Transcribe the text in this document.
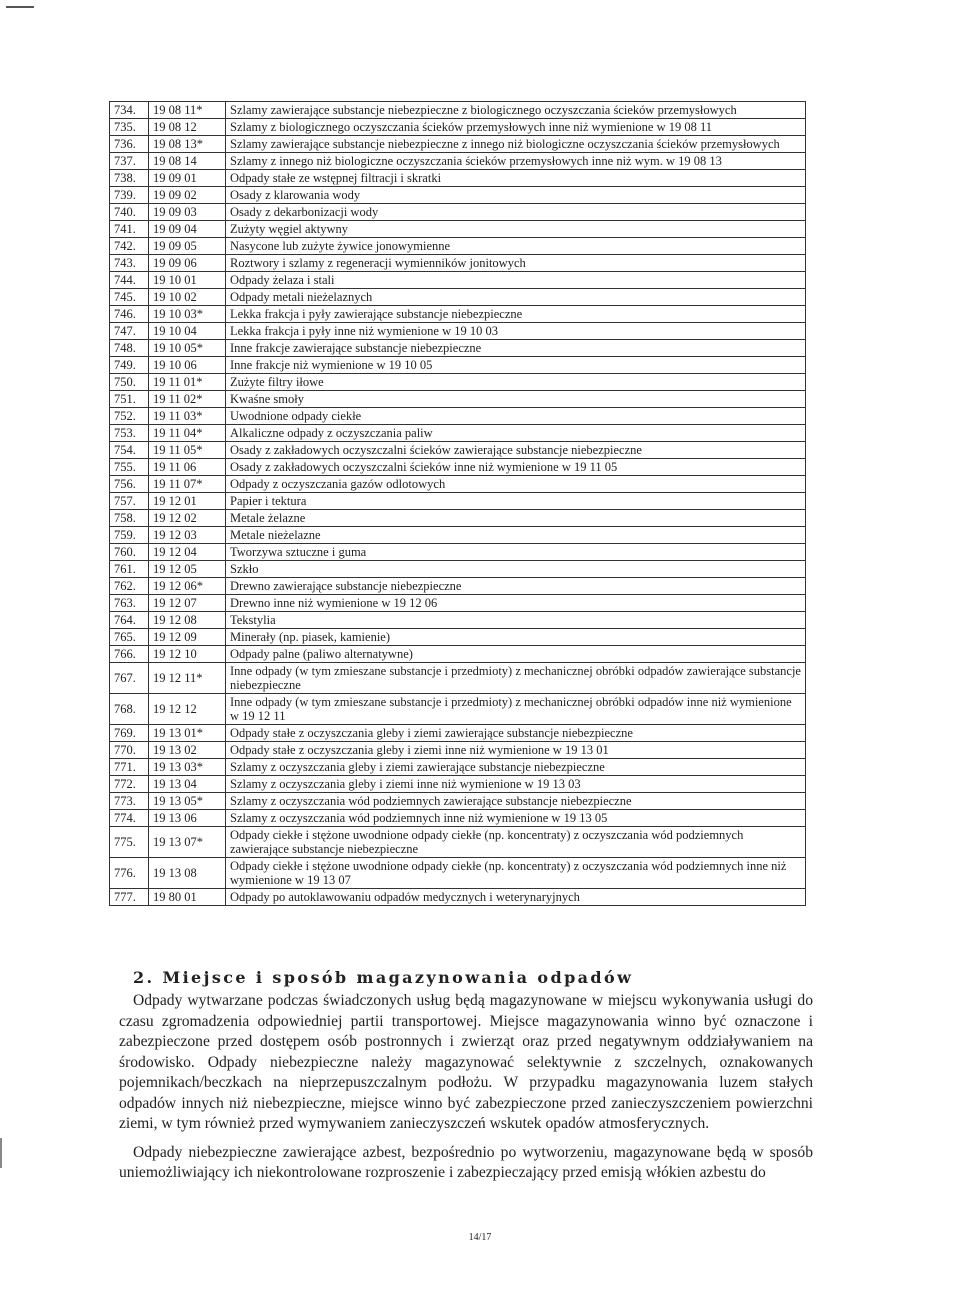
734.	19 08 11*	Szlamy zawierające substancje niebezpieczne z biologicznego oczyszczania ścieków przemysłowych
735.	19 08 12	Szlamy z biologicznego oczyszczania ścieków przemysłowych inne niż wymienione w 19 08 11
736.	19 08 13*	Szlamy zawierające substancje niebezpieczne z innego niż biologiczne oczyszczania ścieków przemysłowych
737.	19 08 14	Szlamy z innego niż biologiczne oczyszczania ścieków przemysłowych inne niż wym. w 19 08 13
738.	19 09 01	Odpady stałe ze wstępnej filtracji i skratki
739.	19 09 02	Osady z klarowania wody
740.	19 09 03	Osady z dekarbonizacji wody
741.	19 09 04	Zużyty węgiel aktywny
742.	19 09 05	Nasycone lub zużyte żywice jonowymienne
743.	19 09 06	Roztwory i szlamy z regeneracji wymienników jonitowych
744.	19 10 01	Odpady żelaza i stali
745.	19 10 02	Odpady metali nieżelaznych
746.	19 10 03*	Lekka frakcja i pyły zawierające substancje niebezpieczne
747.	19 10 04	Lekka frakcja i pyły inne niż wymienione w 19 10 03
748.	19 10 05*	Inne frakcje zawierające substancje niebezpieczne
749.	19 10 06	Inne frakcje niż wymienione w 19 10 05
750.	19 11 01*	Zużyte filtry iłowe
751.	19 11 02*	Kwaśne smoły
752.	19 11 03*	Uwodnione odpady ciekłe
753.	19 11 04*	Alkaliczne odpady z oczyszczania paliw
754.	19 11 05*	Osady z zakładowych oczyszczalni ścieków zawierające substancje niebezpieczne
755.	19 11 06	Osady z zakładowych oczyszczalni ścieków inne niż wymienione w 19 11 05
756.	19 11 07*	Odpady z oczyszczania gazów odlotowych
757.	19 12 01	Papier i tektura
758.	19 12 02	Metale żelazne
759.	19 12 03	Metale nieżelazne
760.	19 12 04	Tworzywa sztuczne i guma
761.	19 12 05	Szkło
762.	19 12 06*	Drewno zawierające substancje niebezpieczne
763.	19 12 07	Drewno inne niż wymienione w 19 12 06
764.	19 12 08	Tekstylia
765.	19 12 09	Minerały (np. piasek, kamienie)
766.	19 12 10	Odpady palne (paliwo alternatywne)
767.	19 12 11*	Inne odpady (w tym zmieszane substancje i przedmioty) z mechanicznej obróbki odpadów zawierające substancje niebezpieczne
768.	19 12 12	Inne odpady (w tym zmieszane substancje i przedmioty) z mechanicznej obróbki odpadów inne niż wymienione w 19 12 11
769.	19 13 01*	Odpady stałe z oczyszczania gleby i ziemi zawierające substancje niebezpieczne
770.	19 13 02	Odpady stałe z oczyszczania gleby i ziemi inne niż wymienione w 19 13 01
771.	19 13 03*	Szlamy z oczyszczania gleby i ziemi zawierające substancje niebezpieczne
772.	19 13 04	Szlamy z oczyszczania gleby i ziemi inne niż wymienione w 19 13 03
773.	19 13 05*	Szlamy z oczyszczania wód podziemnych zawierające substancje niebezpieczne
774.	19 13 06	Szlamy z oczyszczania wód podziemnych inne niż wymienione w 19 13 05
775.	19 13 07*	Odpady ciekłe i stężone uwodnione odpady ciekłe (np. koncentraty) z oczyszczania wód podziemnych zawierające substancje niebezpieczne
776.	19 13 08	Odpady ciekłe i stężone uwodnione odpady ciekłe (np. koncentraty) z oczyszczania wód podziemnych inne niż wymienione w 19 13 07
777.	19 80 01	Odpady po autoklawowaniu odpadów medycznych i weterynaryjnych
2. Miejsce i sposób magazynowania odpadów

Odpady wytwarzane podczas świadczonych usług będą magazynowane w miejscu wykonywania usługi do czasu zgromadzenia odpowiedniej partii transportowej. Miejsce magazynowania winno być oznaczone i zabezpieczone przed dostępem osób postronnych i zwierząt oraz przed negatywnym oddziaływaniem na środowisko. Odpady niebezpieczne należy magazynować selektywnie z szczelnych, oznakowanych pojemnikach/beczkach na nieprzepuszczalnym podłożu. W przypadku magazynowania luzem stałych odpadów innych niż niebezpieczne, miejsce winno być zabezpieczone przed zanieczyszczeniem powierzchni ziemi, w tym również przed wymywaniem zanieczyszczeń wskutek opadów atmosferycznych.

Odpady niebezpieczne zawierające azbest, bezpośrednio po wytworzeniu, magazynowane będą w sposób uniemożliwiający ich niekontrolowane rozproszenie i zabezpieczający przed emisją włókien azbestu do

14/17
